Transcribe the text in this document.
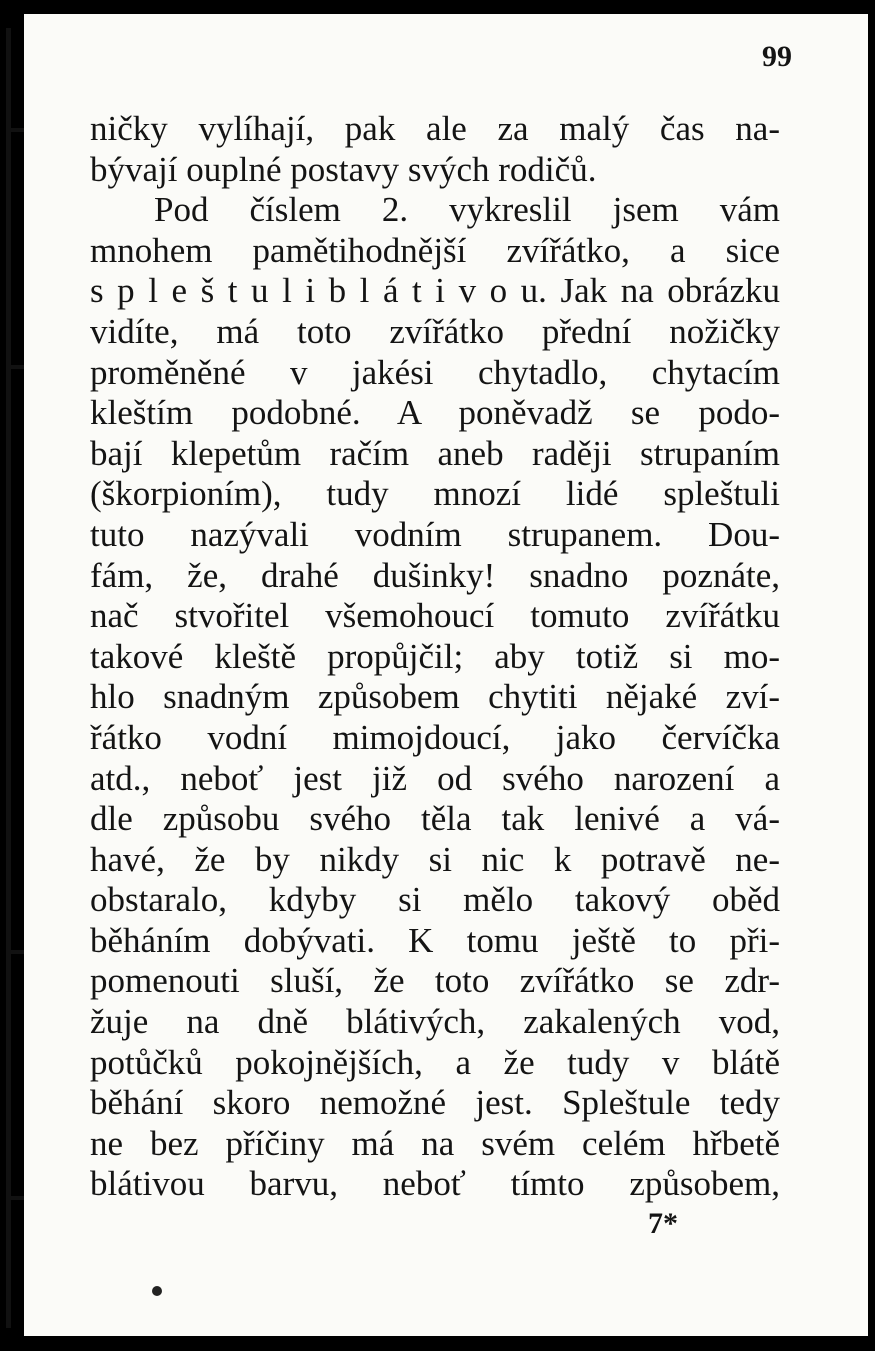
99
ničky vylíhají, pak ale za malý čas na-
bývají ouplné postavy svých rodičů.
Pod číslem 2. vykreslil jsem vám
mnohem pamětihodnější zvířátko, a sice
s p l e š t u l i b l á t i v o u. Jak na obrázku
vidíte, má toto zvířátko přední nožičky
proměněné v jakési chytadlo, chytacím
kleštím podobné. A poněvadž se podo-
bají klepetům račím aneb raději strupaním
(škorpioním), tudy mnozí lidé spleštuli
tuto nazývali vodním strupanem. Dou-
fám, že, drahé dušinky! snadno poznáte,
nač stvořitel všemohoucí tomuto zvířátku
takové kleště propůjčil; aby totiž si mo-
hlo snadným způsobem chytiti nějaké zví-
řátko vodní mimojdoucí, jako červíčka
atd., neboť jest již od svého narození a
dle způsobu svého těla tak lenivé a vá-
havé, že by nikdy si nic k potravě ne-
obstaralo, kdyby si mělo takový oběd
běháním dobývati. K tomu ještě to při-
pomenouti sluší, že toto zvířátko se zdr-
žuje na dně blátivých, zakalených vod,
potůčků pokojnějších, a že tudy v blátě
běhání skoro nemožné jest. Spleštule tedy
ne bez příčiny má na svém celém hřbetě
blátivou barvu, neboť tímto způsobem,
7*
